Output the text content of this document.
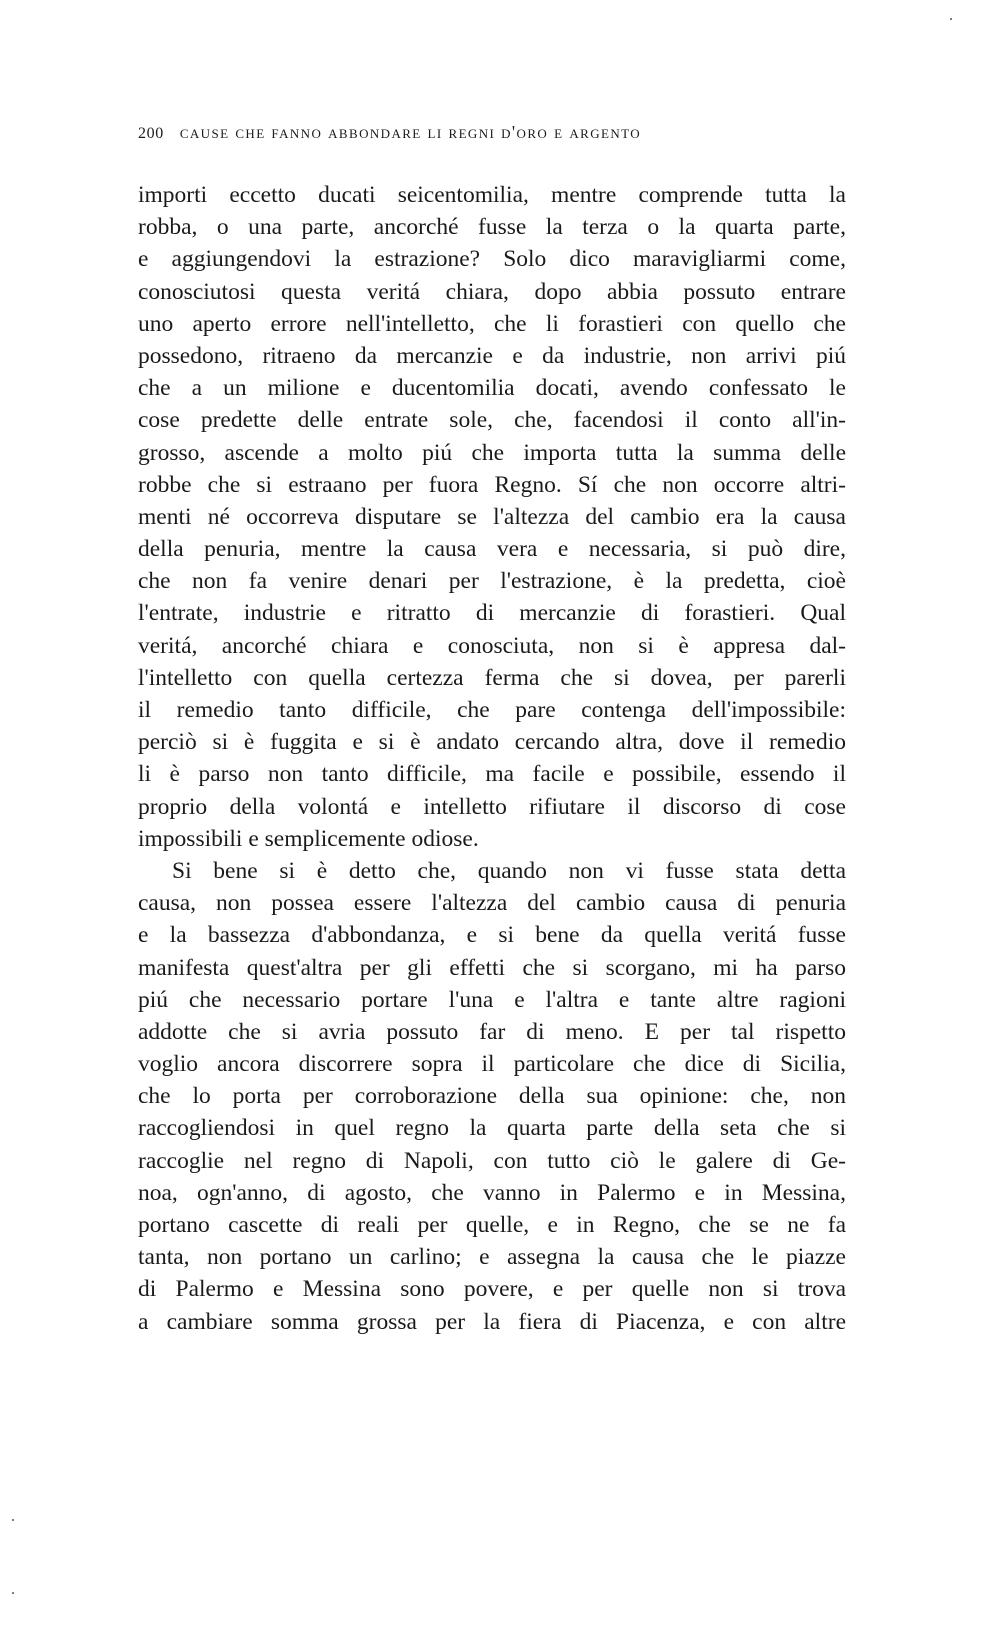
200 cause che fanno abbondare li regni d'oro e argento
importi eccetto ducati seicentomilia, mentre comprende tutta la
robba, o una parte, ancorché fusse la terza o la quarta parte,
e aggiungendovi la estrazione? Solo dico maravigliarmi come,
conosciutosi questa veritá chiara, dopo abbia possuto entrare
uno aperto errore nell'intelletto, che li forastieri con quello che
possedono, ritraeno da mercanzie e da industrie, non arrivi piú
che a un milione e ducentomilia docati, avendo confessato le
cose predette delle entrate sole, che, facendosi il conto all'in-
grosso, ascende a molto piú che importa tutta la summa delle
robbe che si estraano per fuora Regno. Sí che non occorre altri-
menti né occorreva disputare se l'altezza del cambio era la causa
della penuria, mentre la causa vera e necessaria, si può dire,
che non fa venire denari per l'estrazione, è la predetta, cioè
l'entrate, industrie e ritratto di mercanzie di forastieri. Qual
veritá, ancorché chiara e conosciuta, non si è appresa dal-
l'intelletto con quella certezza ferma che si dovea, per parerli
il remedio tanto difficile, che pare contenga dell'impossibile:
perciò si è fuggita e si è andato cercando altra, dove il remedio
li è parso non tanto difficile, ma facile e possibile, essendo il
proprio della volontá e intelletto rifiutare il discorso di cose
impossibili e semplicemente odiose.
Si bene si è detto che, quando non vi fusse stata detta
causa, non possea essere l'altezza del cambio causa di penuria
e la bassezza d'abbondanza, e si bene da quella veritá fusse
manifesta quest'altra per gli effetti che si scorgano, mi ha parso
piú che necessario portare l'una e l'altra e tante altre ragioni
addotte che si avria possuto far di meno. E per tal rispetto
voglio ancora discorrere sopra il particolare che dice di Sicilia,
che lo porta per corroborazione della sua opinione: che, non
raccogliendosi in quel regno la quarta parte della seta che si
raccoglie nel regno di Napoli, con tutto ciò le galere di Ge-
noa, ogn'anno, di agosto, che vanno in Palermo e in Messina,
portano cascette di reali per quelle, e in Regno, che se ne fa
tanta, non portano un carlino; e assegna la causa che le piazze
di Palermo e Messina sono povere, e per quelle non si trova
a cambiare somma grossa per la fiera di Piacenza, e con altre
